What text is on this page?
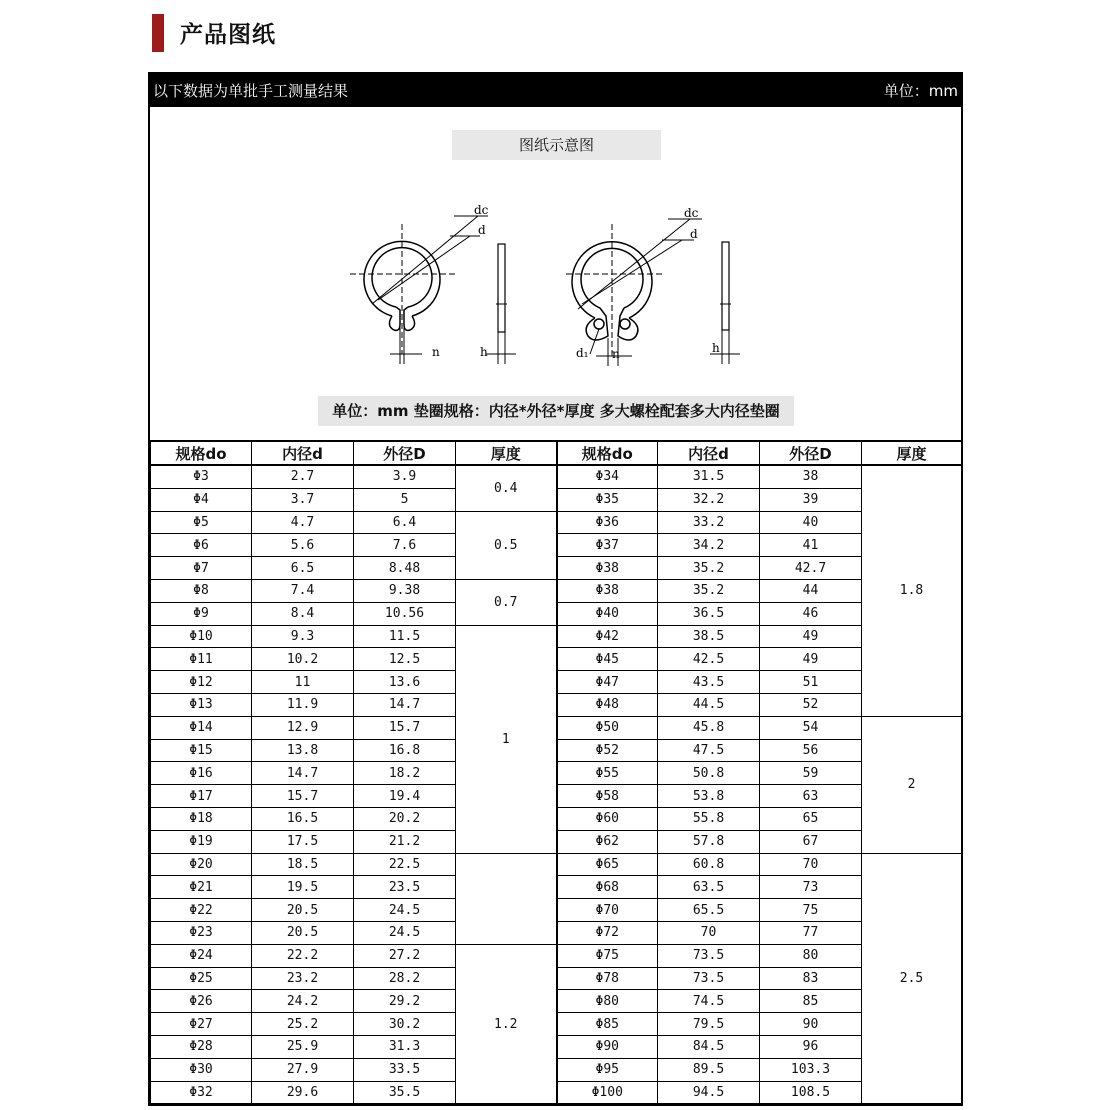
产品图纸
以下数据为单批手工测量结果	单位：mm
图纸示意图
dc
d
n	h
dc
d
d₁ n	h
单位：mm 垫圈规格：内径*外径*厚度 多大螺栓配套多大内径垫圈
规格do	内径d	外径D	厚度	规格do	内径d	外径D	厚度
Φ3	2.7	3.9	0.4	Φ34	31.5	38	1.8
Φ4	3.7	5		Φ35	32.2	39	
Φ5	4.7	6.4	0.5	Φ36	33.2	40	
Φ6	5.6	7.6		Φ37	34.2	41	
Φ7	6.5	8.48		Φ38	35.2	42.7	
Φ8	7.4	9.38	0.7	Φ38	35.2	44	
Φ9	8.4	10.56		Φ40	36.5	46	
Φ10	9.3	11.5	1	Φ42	38.5	49	
Φ11	10.2	12.5		Φ45	42.5	49	
Φ12	11	13.6		Φ47	43.5	51	
Φ13	11.9	14.7		Φ48	44.5	52	
Φ14	12.9	15.7		Φ50	45.8	54	2
Φ15	13.8	16.8		Φ52	47.5	56	
Φ16	14.7	18.2		Φ55	50.8	59	
Φ17	15.7	19.4		Φ58	53.8	63	
Φ18	16.5	20.2		Φ60	55.8	65	
Φ19	17.5	21.2		Φ62	57.8	67	
Φ20	18.5	22.5		Φ65	60.8	70	2.5
Φ21	19.5	23.5		Φ68	63.5	73	
Φ22	20.5	24.5		Φ70	65.5	75	
Φ23	20.5	24.5		Φ72	70	77	
Φ24	22.2	27.2	1.2	Φ75	73.5	80	
Φ25	23.2	28.2		Φ78	73.5	83	
Φ26	24.2	29.2		Φ80	74.5	85	
Φ27	25.2	30.2		Φ85	79.5	90	
Φ28	25.9	31.3		Φ90	84.5	96	
Φ30	27.9	33.5		Φ95	89.5	103.3	
Φ32	29.6	35.5		Φ100	94.5	108.5	
